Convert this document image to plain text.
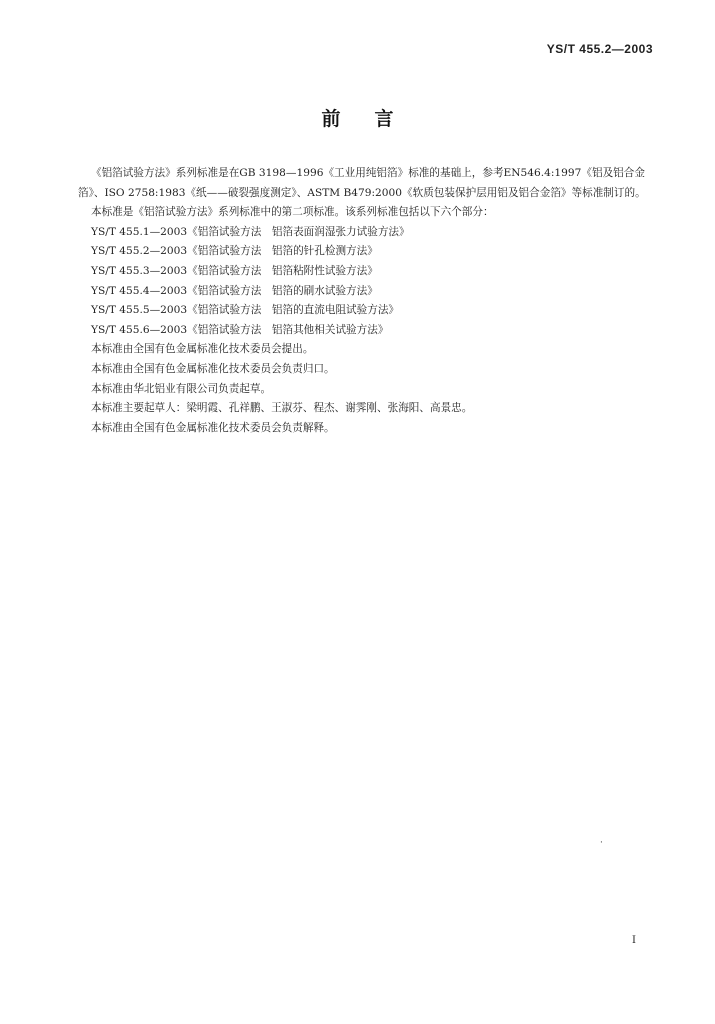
YS/T 455.2—2003
前言

《铝箔试验方法》系列标准是在GB 3198—1996《工业用纯铝箔》标准的基础上，参考EN546.4:1997《铝及铝合金箔》、ISO 2758:1983《纸——破裂强度测定》、ASTM B479:2000《软质包装保护层用铝及铝合金箔》等标准制订的。

本标准是《铝箔试验方法》系列标准中的第二项标准。该系列标准包括以下六个部分：

YS/T 455.1—2003《铝箔试验方法　铝箔表面润湿张力试验方法》
YS/T 455.2—2003《铝箔试验方法　铝箔的针孔检测方法》
YS/T 455.3—2003《铝箔试验方法　铝箔粘附性试验方法》
YS/T 455.4—2003《铝箔试验方法　铝箔的刷水试验方法》
YS/T 455.5—2003《铝箔试验方法　铝箔的直流电阻试验方法》
YS/T 455.6—2003《铝箔试验方法　铝箔其他相关试验方法》

本标准由全国有色金属标准化技术委员会提出。

本标准由全国有色金属标准化技术委员会负责归口。

本标准由华北铝业有限公司负责起草。

本标准主要起草人：梁明霞、孔祥鹏、王淑芬、程杰、谢霁刚、张海阳、高景忠。

本标准由全国有色金属标准化技术委员会负责解释。

·
I
